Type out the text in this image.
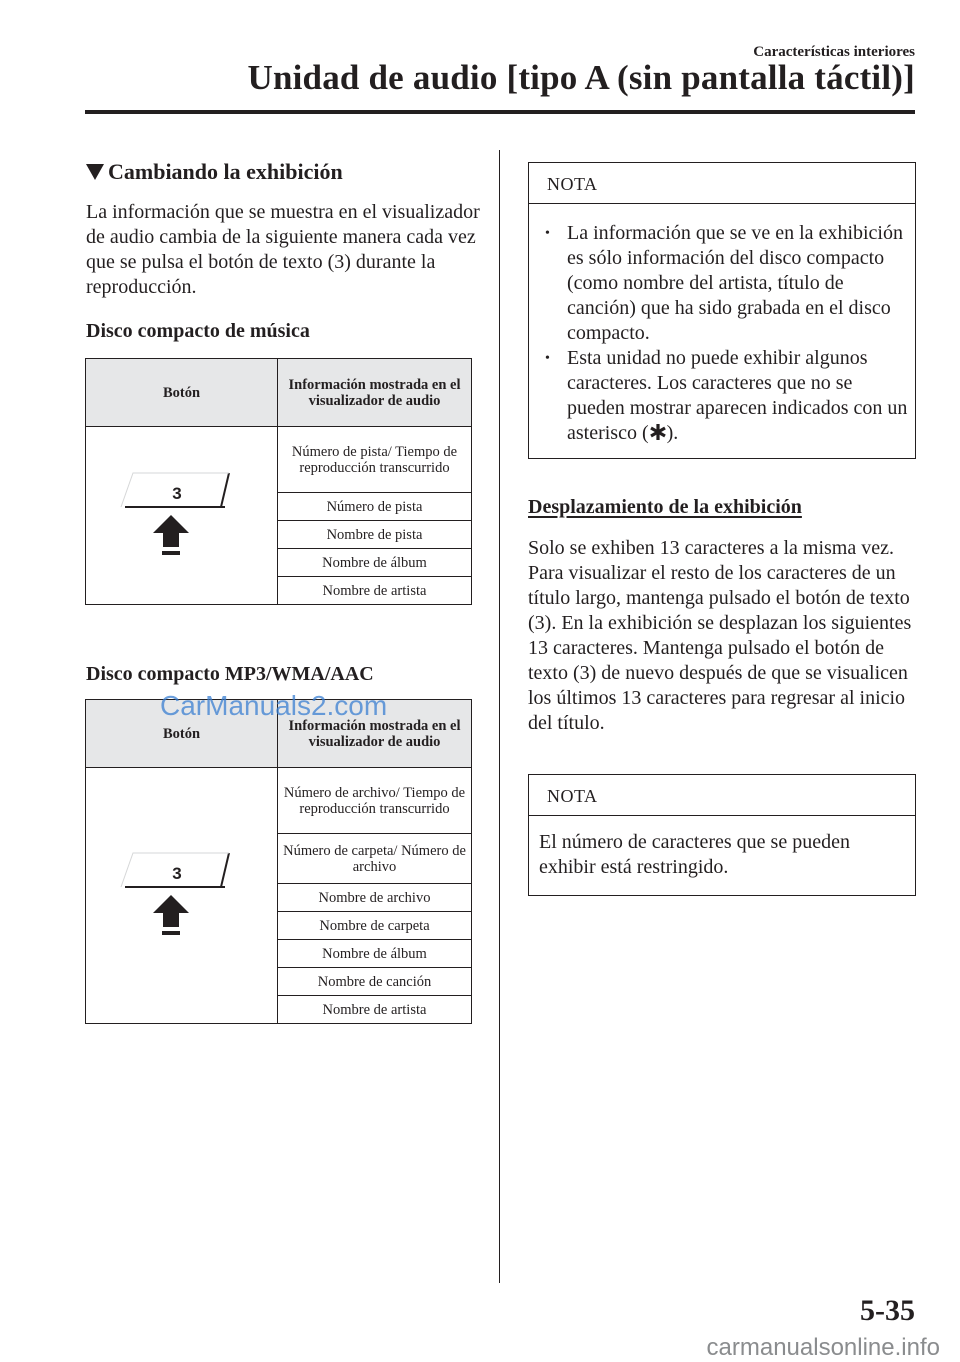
Características interiores
Unidad de audio [tipo A (sin pantalla táctil)]
Cambiando la exhibición
La información que se muestra en el visualizador de audio cambia de la siguiente manera cada vez que se pulsa el botón de texto (3) durante la reproducción.
Disco compacto de música
Botón	Información mostrada en el visualizador de audio

3	Número de pista/ Tiempo de reproducción transcurrido
	Número de pista
	Nombre de pista
	Nombre de álbum
	Nombre de artista
Disco compacto MP3/WMA/AAC
Botón	Información mostrada en el visualizador de audio

3	Número de archivo/ Tiempo de reproducción transcurrido
	Número de carpeta/ Número de archivo
	Nombre de archivo
	Nombre de carpeta
	Nombre de álbum
	Nombre de canción
	Nombre de artista
NOTA
• La información que se ve en la exhibición es sólo información del disco compacto (como nombre del artista, título de canción) que ha sido grabada en el disco compacto.
• Esta unidad no puede exhibir algunos caracteres. Los caracteres que no se pueden mostrar aparecen indicados con un asterisco ( ).
Desplazamiento de la exhibición
Solo se exhiben 13 caracteres a la misma vez. Para visualizar el resto de los caracteres de un título largo, mantenga pulsado el botón de texto (3). En la exhibición se desplazan los siguientes 13 caracteres. Mantenga pulsado el botón de texto (3) de nuevo después de que se visualicen los últimos 13 caracteres para regresar al inicio del título.
NOTA
El número de caracteres que se pueden exhibir está restringido.
5-35
CarManuals2.com
carmanualsonline.info
